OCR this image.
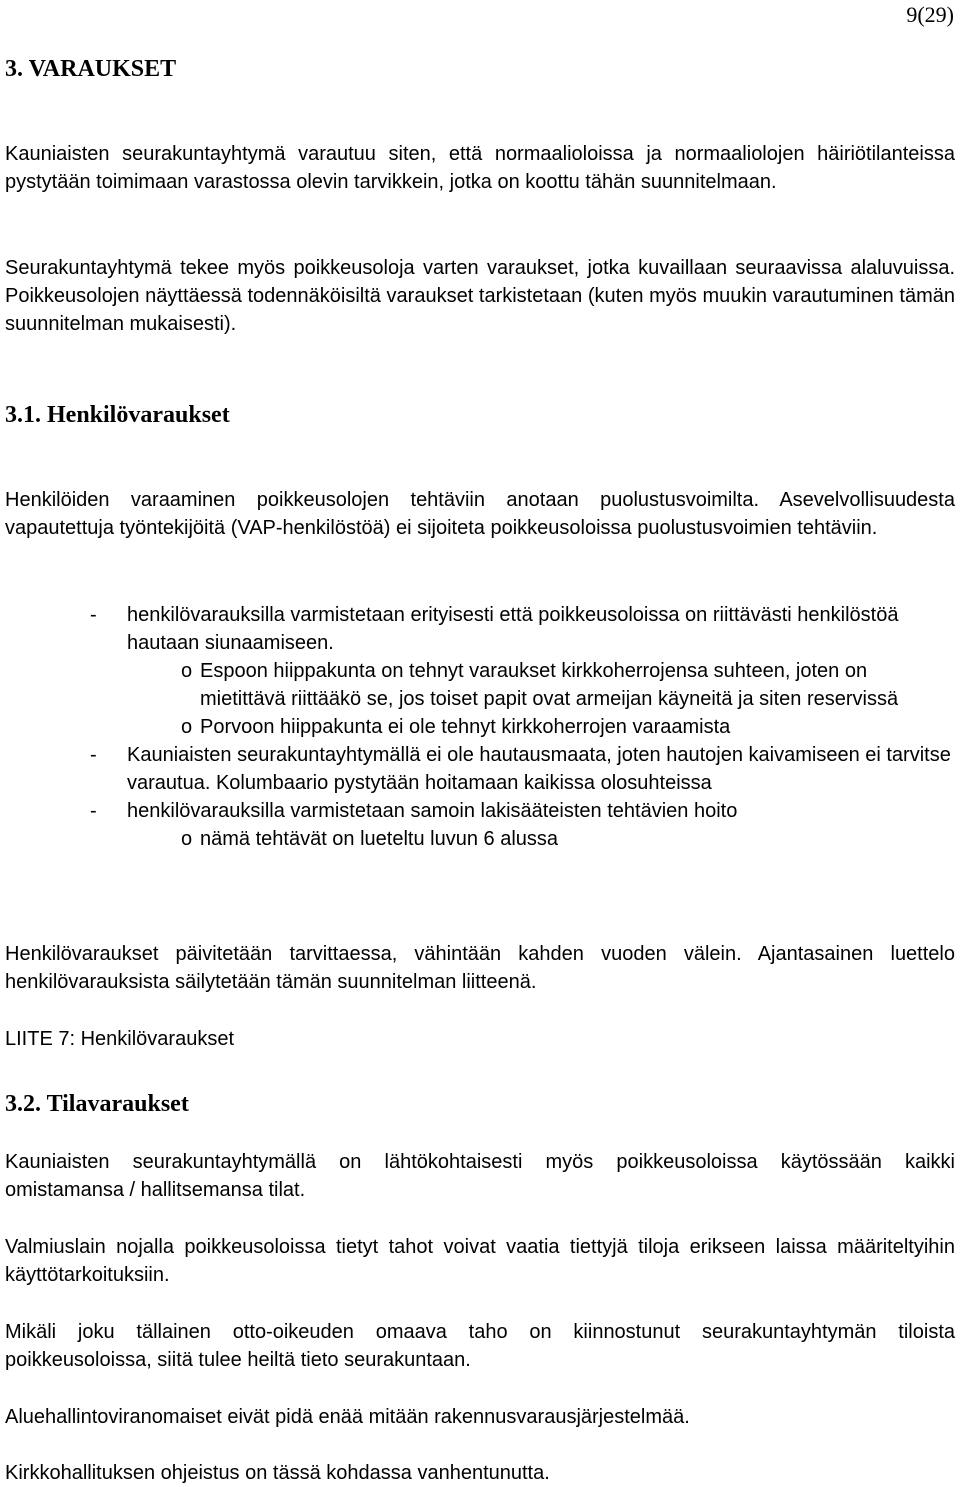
9(29)
3. VARAUKSET

Kauniaisten seurakuntayhtymä varautuu siten, että normaalioloissa ja normaaliolojen häiriötilanteissa pystytään toimimaan varastossa olevin tarvikkein, jotka on koottu tähän suunnitelmaan.

Seurakuntayhtymä tekee myös poikkeusoloja varten varaukset, jotka kuvaillaan seuraavissa alaluvuissa. Poikkeusolojen näyttäessä todennäköisiltä varaukset tarkistetaan (kuten myös muukin varautuminen tämän suunnitelman mukaisesti).

3.1. Henkilövaraukset

Henkilöiden varaaminen poikkeusolojen tehtäviin anotaan puolustusvoimilta. Asevelvollisuudesta vapautettuja työntekijöitä (VAP-henkilöstöä) ei sijoiteta poikkeusoloissa puolustusvoimien tehtäviin.

- henkilövarauksilla varmistetaan erityisesti että poikkeusoloissa on riittävästi henkilöstöä hautaan siunaamiseen.
o Espoon hiippakunta on tehnyt varaukset kirkkoherrojensa suhteen, joten on mietittävä riittääkö se, jos toiset papit ovat armeijan käyneitä ja siten reservissä
o Porvoon hiippakunta ei ole tehnyt kirkkoherrojen varaamista
- Kauniaisten seurakuntayhtymällä ei ole hautausmaata, joten hautojen kaivamiseen ei tarvitse varautua. Kolumbaario pystytään hoitamaan kaikissa olosuhteissa
- henkilövarauksilla varmistetaan samoin lakisääteisten tehtävien hoito
o nämä tehtävät on lueteltu luvun 6 alussa

Henkilövaraukset päivitetään tarvittaessa, vähintään kahden vuoden välein. Ajantasainen luettelo henkilövarauksista säilytetään tämän suunnitelman liitteenä.

LIITE 7: Henkilövaraukset

3.2. Tilavaraukset

Kauniaisten seurakuntayhtymällä on lähtökohtaisesti myös poikkeusoloissa käytössään kaikki omistamansa / hallitsemansa tilat.

Valmiuslain nojalla poikkeusoloissa tietyt tahot voivat vaatia tiettyjä tiloja erikseen laissa määriteltyihin käyttötarkoituksiin.

Mikäli joku tällainen otto-oikeuden omaava taho on kiinnostunut seurakuntayhtymän tiloista poikkeusoloissa, siitä tulee heiltä tieto seurakuntaan.

Aluehallintoviranomaiset eivät pidä enää mitään rakennusvarausjärjestelmää.

Kirkkohallituksen ohjeistus on tässä kohdassa vanhentunutta.
